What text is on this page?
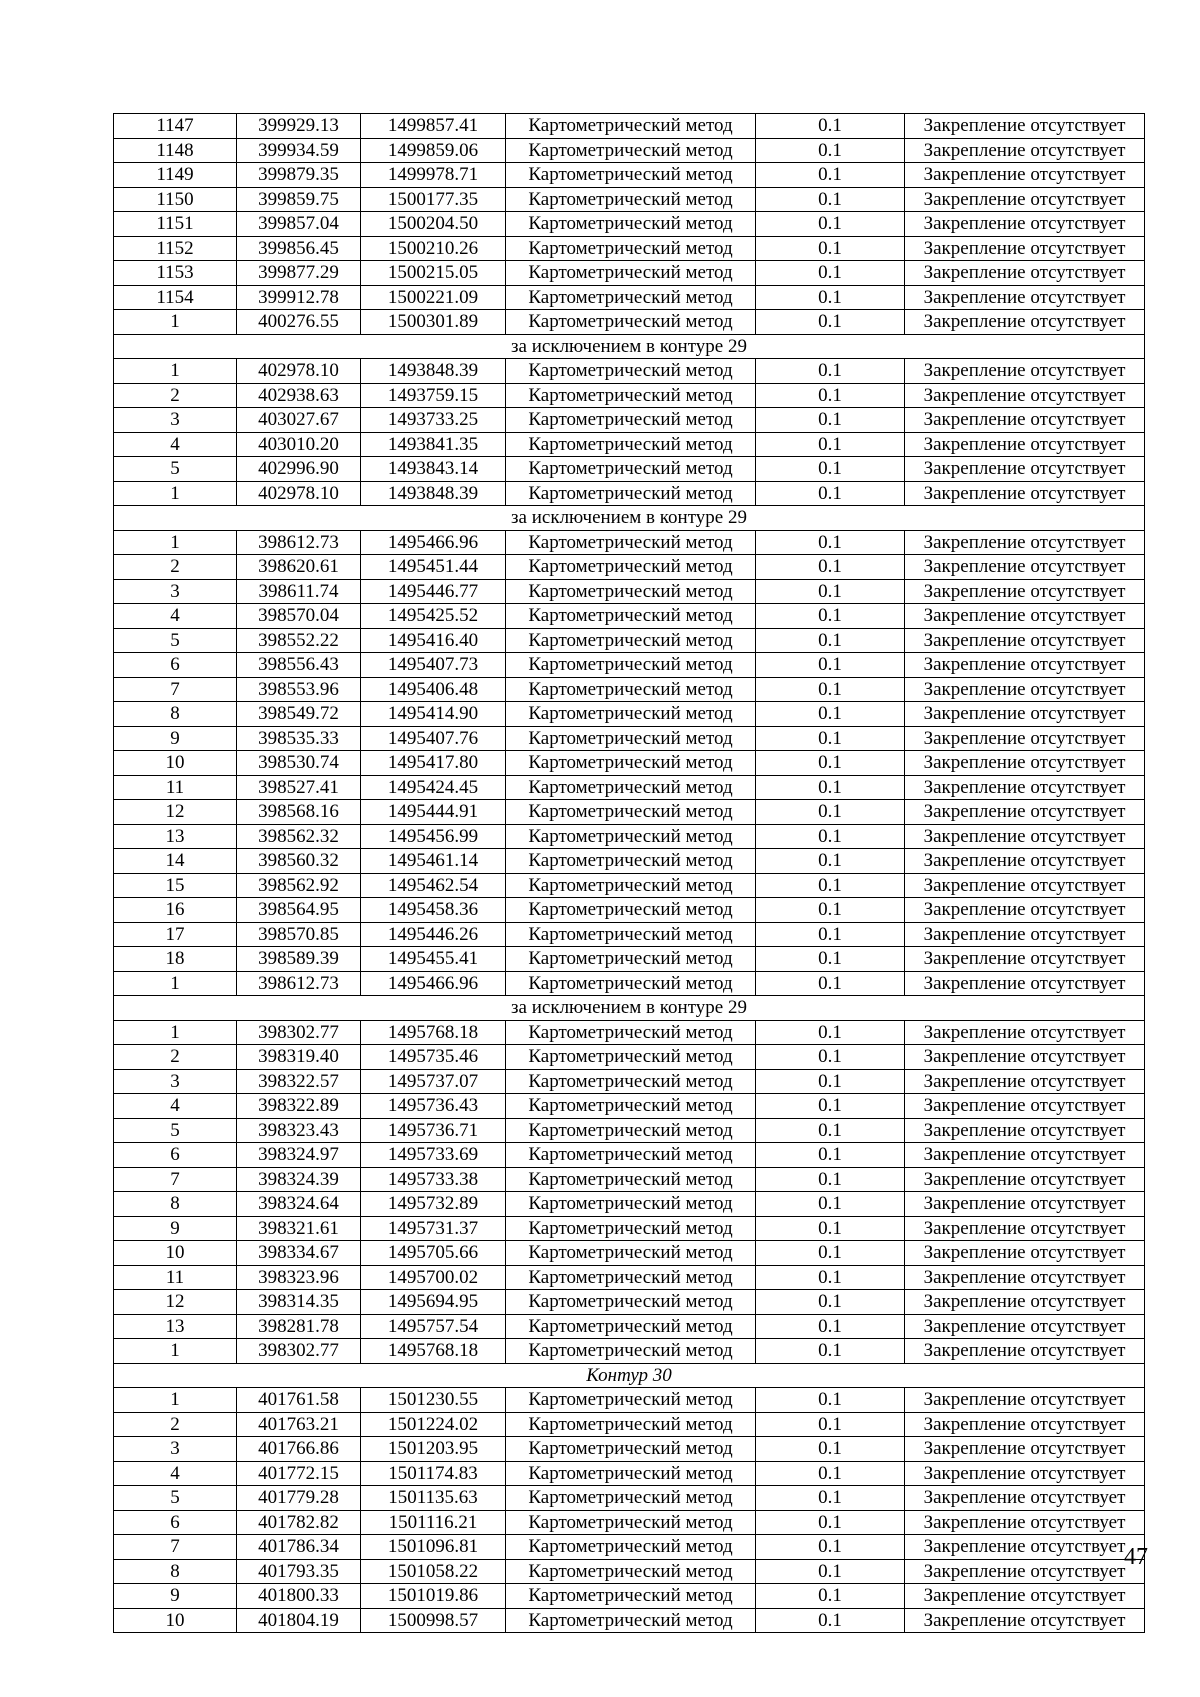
1147	399929.13	1499857.41	Картометрический метод	0.1	Закрепление отсутствует
1148	399934.59	1499859.06	Картометрический метод	0.1	Закрепление отсутствует
1149	399879.35	1499978.71	Картометрический метод	0.1	Закрепление отсутствует
1150	399859.75	1500177.35	Картометрический метод	0.1	Закрепление отсутствует
1151	399857.04	1500204.50	Картометрический метод	0.1	Закрепление отсутствует
1152	399856.45	1500210.26	Картометрический метод	0.1	Закрепление отсутствует
1153	399877.29	1500215.05	Картометрический метод	0.1	Закрепление отсутствует
1154	399912.78	1500221.09	Картометрический метод	0.1	Закрепление отсутствует
1	400276.55	1500301.89	Картометрический метод	0.1	Закрепление отсутствует
за исключением в контуре 29					
1	402978.10	1493848.39	Картометрический метод	0.1	Закрепление отсутствует
2	402938.63	1493759.15	Картометрический метод	0.1	Закрепление отсутствует
3	403027.67	1493733.25	Картометрический метод	0.1	Закрепление отсутствует
4	403010.20	1493841.35	Картометрический метод	0.1	Закрепление отсутствует
5	402996.90	1493843.14	Картометрический метод	0.1	Закрепление отсутствует
1	402978.10	1493848.39	Картометрический метод	0.1	Закрепление отсутствует
за исключением в контуре 29					
1	398612.73	1495466.96	Картометрический метод	0.1	Закрепление отсутствует
2	398620.61	1495451.44	Картометрический метод	0.1	Закрепление отсутствует
3	398611.74	1495446.77	Картометрический метод	0.1	Закрепление отсутствует
4	398570.04	1495425.52	Картометрический метод	0.1	Закрепление отсутствует
5	398552.22	1495416.40	Картометрический метод	0.1	Закрепление отсутствует
6	398556.43	1495407.73	Картометрический метод	0.1	Закрепление отсутствует
7	398553.96	1495406.48	Картометрический метод	0.1	Закрепление отсутствует
8	398549.72	1495414.90	Картометрический метод	0.1	Закрепление отсутствует
9	398535.33	1495407.76	Картометрический метод	0.1	Закрепление отсутствует
10	398530.74	1495417.80	Картометрический метод	0.1	Закрепление отсутствует
11	398527.41	1495424.45	Картометрический метод	0.1	Закрепление отсутствует
12	398568.16	1495444.91	Картометрический метод	0.1	Закрепление отсутствует
13	398562.32	1495456.99	Картометрический метод	0.1	Закрепление отсутствует
14	398560.32	1495461.14	Картометрический метод	0.1	Закрепление отсутствует
15	398562.92	1495462.54	Картометрический метод	0.1	Закрепление отсутствует
16	398564.95	1495458.36	Картометрический метод	0.1	Закрепление отсутствует
17	398570.85	1495446.26	Картометрический метод	0.1	Закрепление отсутствует
18	398589.39	1495455.41	Картометрический метод	0.1	Закрепление отсутствует
1	398612.73	1495466.96	Картометрический метод	0.1	Закрепление отсутствует
за исключением в контуре 29					
1	398302.77	1495768.18	Картометрический метод	0.1	Закрепление отсутствует
2	398319.40	1495735.46	Картометрический метод	0.1	Закрепление отсутствует
3	398322.57	1495737.07	Картометрический метод	0.1	Закрепление отсутствует
4	398322.89	1495736.43	Картометрический метод	0.1	Закрепление отсутствует
5	398323.43	1495736.71	Картометрический метод	0.1	Закрепление отсутствует
6	398324.97	1495733.69	Картометрический метод	0.1	Закрепление отсутствует
7	398324.39	1495733.38	Картометрический метод	0.1	Закрепление отсутствует
8	398324.64	1495732.89	Картометрический метод	0.1	Закрепление отсутствует
9	398321.61	1495731.37	Картометрический метод	0.1	Закрепление отсутствует
10	398334.67	1495705.66	Картометрический метод	0.1	Закрепление отсутствует
11	398323.96	1495700.02	Картометрический метод	0.1	Закрепление отсутствует
12	398314.35	1495694.95	Картометрический метод	0.1	Закрепление отсутствует
13	398281.78	1495757.54	Картометрический метод	0.1	Закрепление отсутствует
1	398302.77	1495768.18	Картометрический метод	0.1	Закрепление отсутствует
Контур 30					
1	401761.58	1501230.55	Картометрический метод	0.1	Закрепление отсутствует
2	401763.21	1501224.02	Картометрический метод	0.1	Закрепление отсутствует
3	401766.86	1501203.95	Картометрический метод	0.1	Закрепление отсутствует
4	401772.15	1501174.83	Картометрический метод	0.1	Закрепление отсутствует
5	401779.28	1501135.63	Картометрический метод	0.1	Закрепление отсутствует
6	401782.82	1501116.21	Картометрический метод	0.1	Закрепление отсутствует
7	401786.34	1501096.81	Картометрический метод	0.1	Закрепление отсутствует
8	401793.35	1501058.22	Картометрический метод	0.1	Закрепление отсутствует
9	401800.33	1501019.86	Картометрический метод	0.1	Закрепление отсутствует
10	401804.19	1500998.57	Картометрический метод	0.1	Закрепление отсутствует
47
